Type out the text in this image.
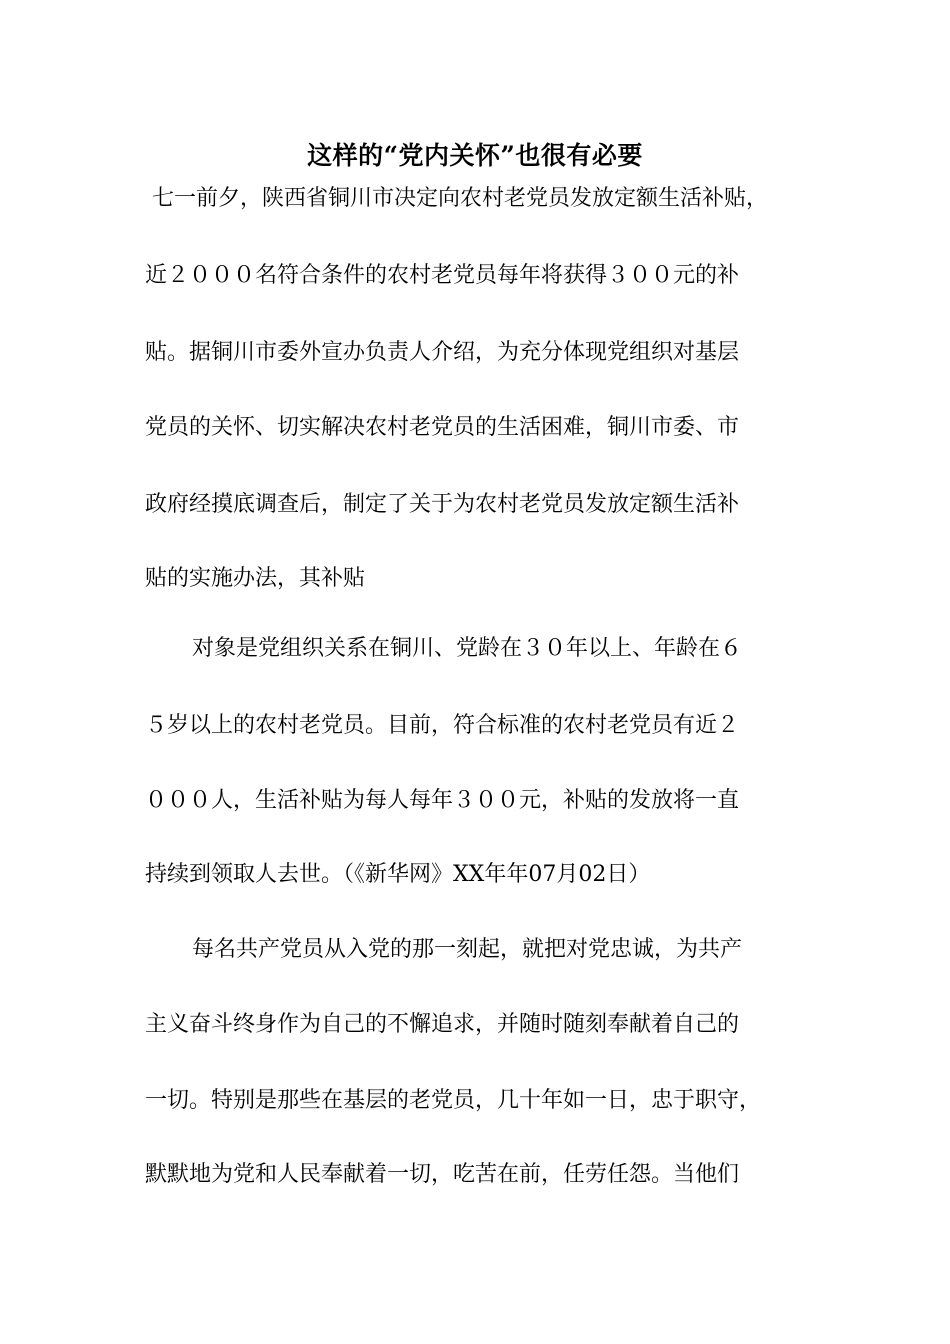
这样的“党内关怀”也很有必要

七一前夕，陕西省铜川市决定向农村老党员发放定额生活补贴，

近２０００名符合条件的农村老党员每年将获得３００元的补

贴。据铜川市委外宣办负责人介绍，为充分体现党组织对基层

党员的关怀、切实解决农村老党员的生活困难，铜川市委、市

政府经摸底调查后，制定了关于为农村老党员发放定额生活补

贴的实施办法，其补贴

对象是党组织关系在铜川、党龄在３０年以上、年龄在６

５岁以上的农村老党员。目前，符合标准的农村老党员有近２

０００人，生活补贴为每人每年３００元，补贴的发放将一直

持续到领取人去世。（《新华网》XX年年07月02日）

每名共产党员从入党的那一刻起，就把对党忠诚，为共产

主义奋斗终身作为自己的不懈追求，并随时随刻奉献着自己的

一切。特别是那些在基层的老党员，几十年如一日，忠于职守，

默默地为党和人民奉献着一切，吃苦在前，任劳任怨。当他们
